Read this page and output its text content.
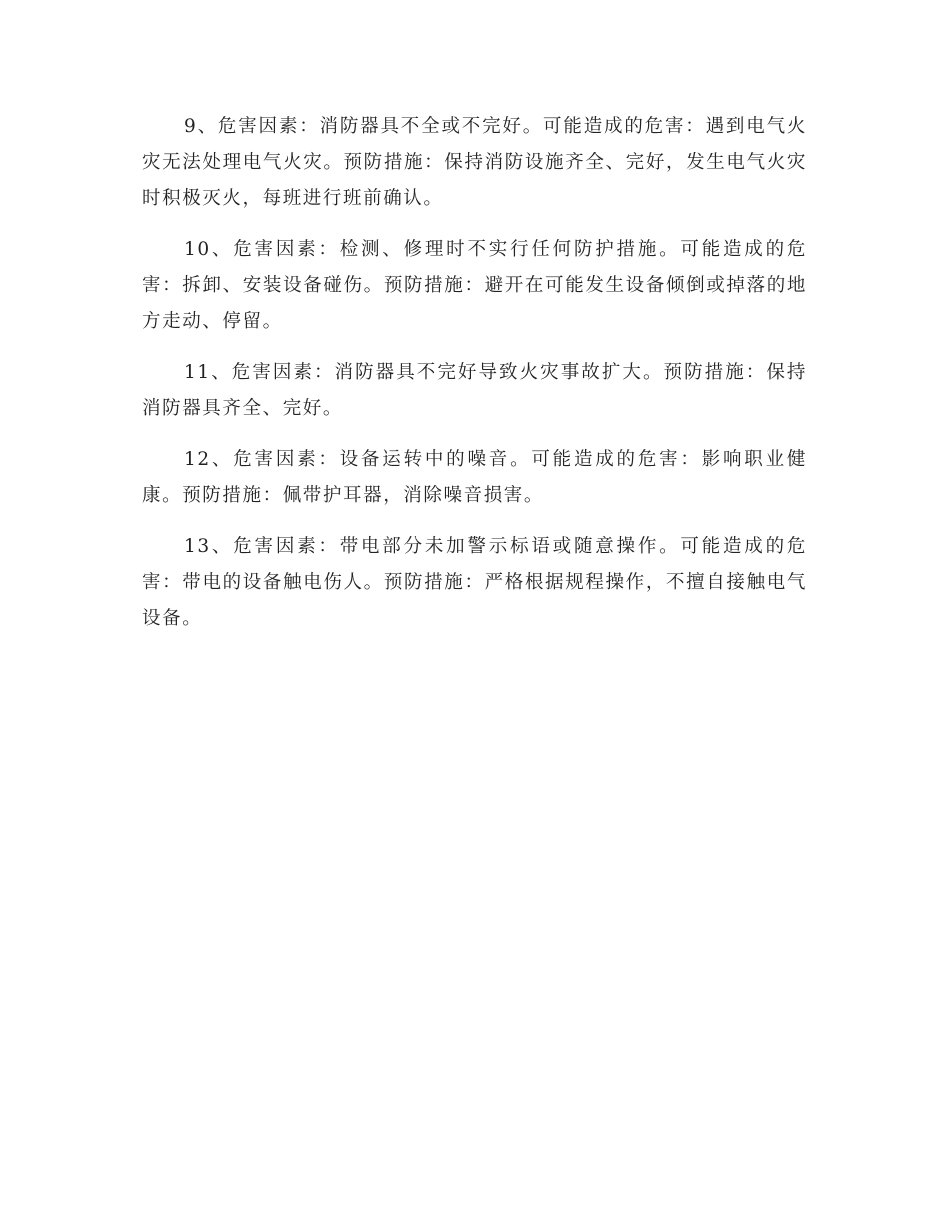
9、危害因素：消防器具不全或不完好。可能造成的危害：遇到电气火灾无法处理电气火灾。预防措施：保持消防设施齐全、完好，发生电气火灾时积极灭火，每班进行班前确认。

10、危害因素：检测、修理时不实行任何防护措施。可能造成的危害：拆卸、安装设备碰伤。预防措施：避开在可能发生设备倾倒或掉落的地方走动、停留。

11、危害因素：消防器具不完好导致火灾事故扩大。预防措施：保持消防器具齐全、完好。

12、危害因素：设备运转中的噪音。可能造成的危害：影响职业健康。预防措施：佩带护耳器，消除噪音损害。

13、危害因素：带电部分未加警示标语或随意操作。可能造成的危害：带电的设备触电伤人。预防措施：严格根据规程操作，不擅自接触电气设备。
